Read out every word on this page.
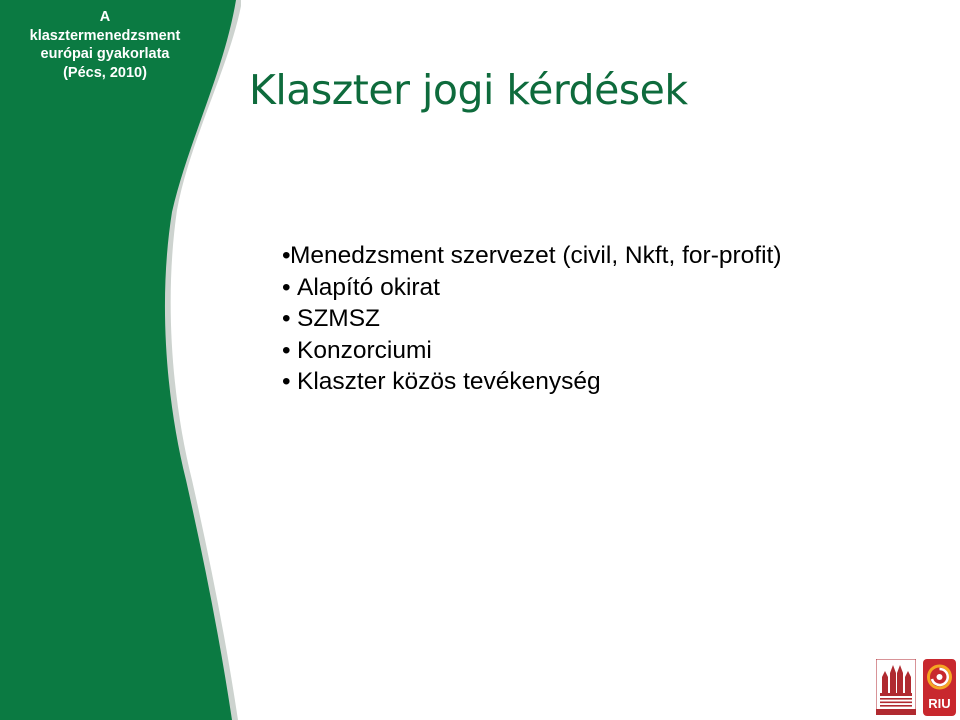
A
klasztermenedzsment
európai gyakorlata
(Pécs, 2010)	Klaszter jogi kérdések
•Menedzsment szervezet (civil, Nkft, for-profit)
• Alapító okirat
• SZMSZ
• Konzorciumi
• Klaszter közös tevékenység
RIU
